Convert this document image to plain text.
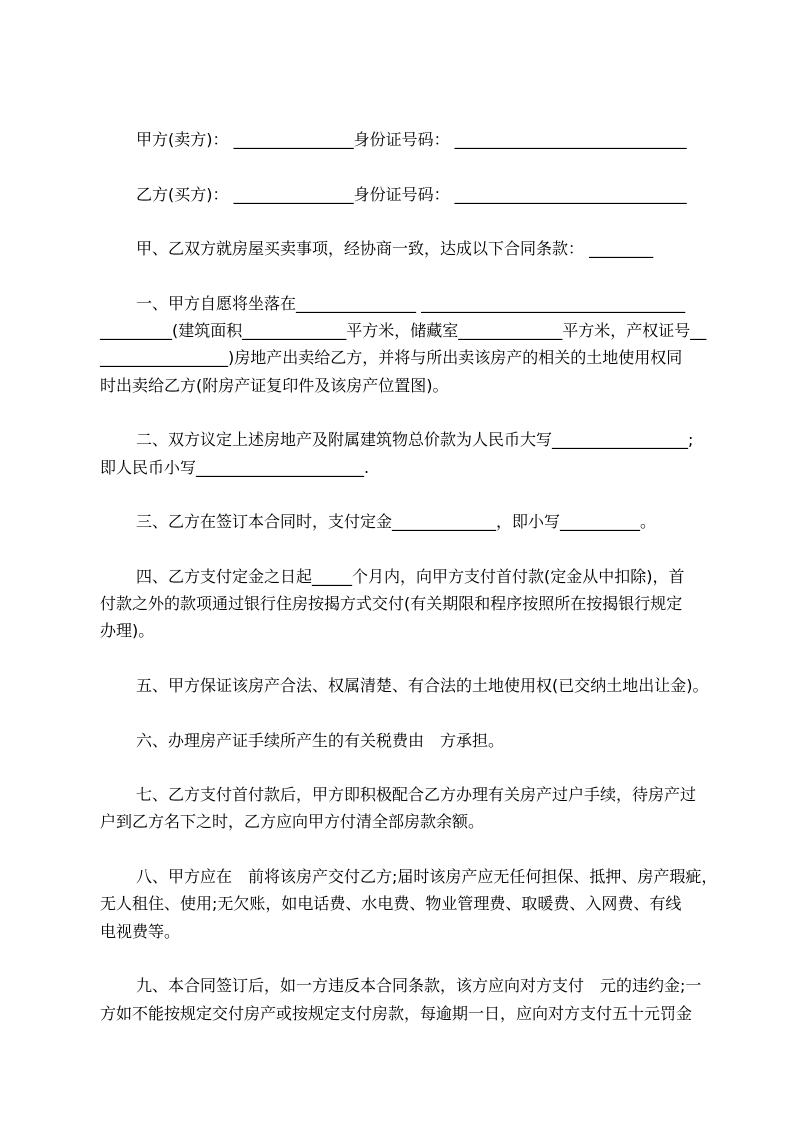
甲方(卖方)： _______________身份证号码： _____________________________
乙方(买方)： _______________身份证号码： _____________________________
甲、乙双方就房屋买卖事项，经协商一致，达成以下合同条款： ________
一、甲方自愿将坐落在_______________ _________________________________
_________(建筑面积_____________平方米，储藏室_____________平方米，产权证号__
________________)房地产出卖给乙方，并将与所出卖该房产的相关的土地使用权同
时出卖给乙方(附房产证复印件及该房产位置图)。
二、双方议定上述房地产及附属建筑物总价款为人民币大写_________________;
即人民币小写_____________________.
三、乙方在签订本合同时，支付定金_____________，即小写__________。
四、乙方支付定金之日起_____个月内，向甲方支付首付款(定金从中扣除)，首
付款之外的款项通过银行住房按揭方式交付(有关期限和程序按照所在按揭银行规定
办理)。
五、甲方保证该房产合法、权属清楚、有合法的土地使用权(已交纳土地出让金)。
六、办理房产证手续所产生的有关税费由　方承担。
七、乙方支付首付款后，甲方即积极配合乙方办理有关房产过户手续，待房产过
户到乙方名下之时，乙方应向甲方付清全部房款余额。
八、甲方应在　前将该房产交付乙方;届时该房产应无任何担保、抵押、房产瑕疵，
无人租住、使用;无欠账，如电话费、水电费、物业管理费、取暖费、入网费、有线
电视费等。
九、本合同签订后，如一方违反本合同条款，该方应向对方支付　元的违约金;一
方如不能按规定交付房产或按规定支付房款，每逾期一日，应向对方支付五十元罚金
